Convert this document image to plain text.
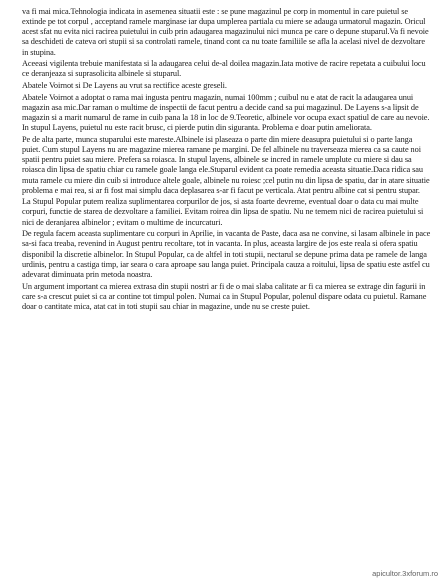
va fi mai mica.Tehnologia indicata in asemenea situatii este : se pune magazinul pe corp in momentul in care puietul se extinde pe tot corpul , acceptand ramele marginase iar dupa umplerea partiala cu miere se adauga urmatorul magazin. Oricul acest sfat nu evita nici racirea puietului in cuib prin adaugarea magazinului nici munca pe care o depune stuparul.Va fi nevoie sa deschideti de cateva ori stupii si sa controlati ramele, tinand cont ca nu toate familiile se afla la acelasi nivel de dezvoltare in stupina.

Aceeasi vigilenta trebuie manifestata si la adaugarea celui de-al doilea magazin.Iata motive de racire repetata a cuibului locu ce deranjeaza si suprasolicita albinele si stuparul.

Abatele Voirnot si De Layens au vrut sa rectifice aceste greseli.

Abatele Voirnot a adoptat o rama mai ingusta pentru magazin, numai 100mm ; cuibul nu e atat de racit la adaugarea unui magazin asa mic.Dar raman o multime de inspectii de facut pentru a decide cand sa pui magazinul. De Layens s-a lipsit de magazin si a marit numarul de rame in cuib pana la 18 in loc de 9.Teoretic, albinele vor ocupa exact spatiul de care au nevoie. In stupul Layens, puietul nu este racit brusc, ci pierde putin din siguranta. Problema e doar putin ameliorata.

Pe de alta parte, munca stuparului este mareste.Albinele isi plaseaza o parte din miere deasupra puietului si o parte langa puiet. Cum stupul Layens nu are magazine mierea ramane pe margini. De fel albinele nu traverseaza mierea ca sa caute noi spatii pentru puiet sau miere. Prefera sa roiasca. In stupul layens, albinele se incred in ramele umplute cu miere si dau sa roiasca din lipsa de spatiu chiar cu ramele goale langa ele.Stuparul evident ca poate remedia aceasta situatie.Daca ridica sau muta ramele cu miere din cuib si introduce altele goale, albinele nu roiesc ;cel putin nu din lipsa de spatiu, dar in atare situatie problema e mai rea, si ar fi fost mai simplu daca deplasarea s-ar fi facut pe verticala. Atat pentru albine cat si pentru stupar.

La Stupul Popular putem realiza suplimentarea corpurilor de jos, si asta foarte devreme, eventual doar o data cu mai multe corpuri, functie de starea de dezvoltare a familiei. Evitam roirea din lipsa de spatiu. Nu ne temem nici de racirea puietului si nici de deranjarea albinelor ; evitam o multime de incurcaturi.

De regula facem aceasta suplimentare cu corpuri in Aprilie, in vacanta de Paste, daca asa ne convine, si lasam albinele in pace sa-si faca treaba, revenind in August pentru recoltare, tot in vacanta. In plus, aceasta largire de jos este reala si ofera spatiu disponibil la discretie albinelor. In Stupul Popular, ca de altfel in toti stupii, nectarul se depune prima data pe ramele de langa urdinis, pentru a castiga timp, iar seara o cara aproape sau langa puiet. Principala cauza a roitului, lipsa de spatiu este astfel cu adevarat diminuata prin metoda noastra.

Un argument important ca mierea extrasa din stupii nostri ar fi de o mai slaba calitate ar fi ca mierea se extrage din fagurii in care s-a crescut puiet si ca ar contine tot timpul polen. Numai ca in Stupul Popular, polenul dispare odata cu puietul. Ramane doar o cantitate mica, atat cat in toti stupii sau chiar in magazine, unde nu se creste puiet.

apicultor.3xforum.ro
